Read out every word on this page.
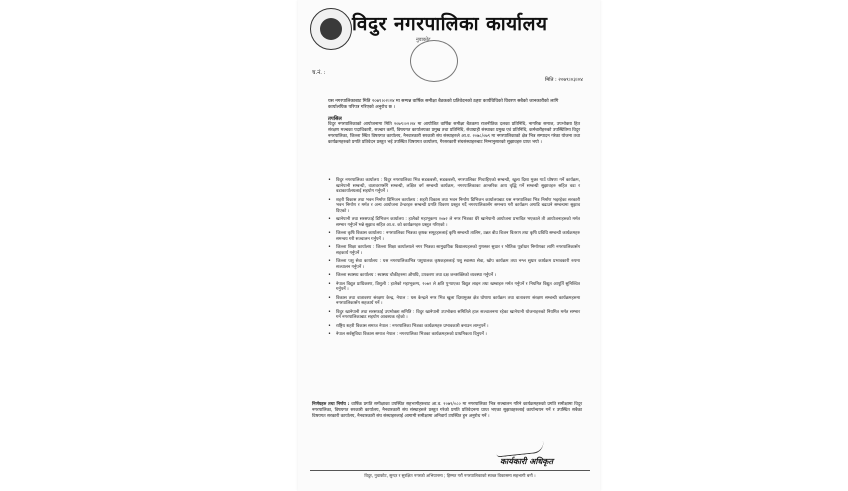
विदुर नगरपालिका कार्यालय
नुवाकोट
च.नं. :
मिति : २०७९।०३।०४
यस नगरपालिकाबाट मिति २०७९।०२।२४ मा सम्पन्न वार्षिक समीक्षा बैठकको प्रतिवेदनको ठहरा कार्यविधिको विवरण सबैको जानकारीको लागि कार्यालयिक परिपत्र गरिएको अनुरोध छ ।
तपसिल
विदुर नगरपालिकाको आयोजनामा मिति २०७९।०२।२४ मा आयोजित वार्षिक समीक्षा बैठकमा राजनीतिक दलका प्रतिनिधि, नागरिक समाज, उपभोक्ता हित संरक्षण मञ्चका पदाधिकारी, सञ्चार कर्मी, विषयगत कार्यालयका प्रमुख तथा प्रतिनिधि, सेवाग्राही संस्थाका प्रमुख एवं प्रतिनिधि, कर्मचारीहरुको उपस्थितिमा विदुर नगरपालिका, जिल्ला स्थित विषयगत कार्यालय, नैनवारकारी सरकारी संघ संस्थाहरुले आ.व. २०७८/०७९ मा नगरपालिकाको क्षेत्र भित्र सम्पादन गरेका योजना तथा कार्यक्रमहरुको प्रगति प्रतिवेदन प्रस्तुत भई उपस्थित विषयगत कार्यालय, गैरसरकारी संघसंस्थाहरुबाट निम्नानुसारको सुझावहरु प्राप्त भयो ।
• विदुर नगरपालिका कार्यालय : विदुर नगरपालिका भित्र सडकबत्ती, सडकबत्ती, नगरपालिका मिचाहिएको सम्बन्धी, खुला दिशा मुक्त गाउँ घोषणा गर्ने कार्यक्रम, खानेपानी सम्बन्धी, वातावरणसँगै सम्बन्धी, लक्षित वर्ग सम्बन्धी कार्यक्रम, नगरपालिकाका आन्तरिक आय वृद्धि गर्ने सम्बन्धी सुझावहरु सहित वडा र वडाकार्यालयलाई सहयोग गर्नुपर्ने ।
• शहरी विकास तथा भवन निर्माण डिभिजन कार्यालय : शहरी विकास तथा भवन निर्माण डिभिजन कार्यालयबाट यस नगरपालिका भित्र निर्माण भइरहेका सरकारी भवन निर्माण र मर्मत र अन्य आयोजना टेन्डरहरु सम्बन्धी प्रगति विवरण प्रस्तुत गर्दै नगरपालिकासँग समन्वय गरी कार्यक्रम अगाडि बढाउने सम्बन्धमा सुझाव दिएको ।
• खानेपानी तथा सरसफाई डिभिजन कार्यालय : हालैको महाभूकम्प २०७२ ले नगर भित्रका धेरै खानेपानी आयोजना प्रभावित भएकाले ती आयोजनाहरुको मर्मत सम्भार गर्नुपर्ने भन्ने सुझाव सहित आ.व. को कार्यक्रमहरु प्रस्तुत गरिएको ।
• जिल्ला कृषि विकास कार्यालय : नगरपालिका भित्रका कृषक समूहहरुलाई कृषि सम्बन्धी तालिम, उन्नत बीउ बिजन वितरण तथा कृषि प्रविधि सम्बन्धी कार्यक्रमहरु समन्वय गरी सञ्चालन गर्नुपर्ने ।
• जिल्ला शिक्षा कार्यालय : जिल्ला शिक्षा कार्यालयले नगर भित्रका सामुदायिक विद्यालयहरुको गुणस्तर सुधार र भौतिक पूर्वाधार निर्माणका लागि नगरपालिकासँग सहकार्य गर्नुपर्ने ।
• जिल्ला पशु सेवा कार्यालय : यस नगरपालिकाभित्र पशुपालक कृषकहरुलाई पशु स्वास्थ्य सेवा, खोप कार्यक्रम तथा नश्ल सुधार कार्यक्रम प्रभावकारी रुपमा सञ्चालन गर्नुपर्ने ।
• जिल्ला स्वास्थ्य कार्यालय : स्वास्थ्य चौकीहरुमा औषधि, उपकरण तथा दक्ष जनशक्तिको व्यवस्था गर्नुपर्ने ।
• नेपाल विद्युत प्राधिकरण, त्रिशुली : हालैको महाभूकम्प, २०७२ ले क्षति पुऱ्याएका विद्युत लाइन तथा खम्बाहरु मर्मत गर्नुपर्ने र नियमित विद्युत आपूर्ति सुनिश्चित गर्नुपर्ने ।
• विकास तथा वातावरण संरक्षण केन्द्र, नेपाल : यस केन्द्रले नगर भित्र खुला दिशामुक्त क्षेत्र घोषणा कार्यक्रम तथा वातावरण संरक्षण सम्बन्धी कार्यक्रमहरुमा नगरपालिकासँग सहकार्य गर्ने ।
• विदुर खानेपानी तथा सरसफाई उपभोक्ता समिति : विदुर खानेपानी उपभोक्ता समितिले हाल सञ्चालनमा रहेका खानेपानी योजनाहरुको नियमित मर्मत सम्भार गर्न नगरपालिकाबाट सहयोग आवश्यक रहेको ।
• राष्ट्रिय शहरी विकास समाज नेपाल : नगरपालिका भित्रका कार्यक्रमहरु प्रभावकारी बनाउन लाग्नुपर्ने ।
• नेपाल सर्वसुविधा विकास समाज नेपाल : नगरपालिका भित्रका कार्यक्रमहरुको प्राथमिकता दिनुपर्ने ।
निर्णयहरु तथा निर्णय : वार्षिक प्रगति समीक्षाका उपस्थित सहभागीहरुबाट आ.व. २०७९/०८० मा नगरपालिका भित्र सञ्चालन गरिने कार्यक्रमहरुको प्रगति समीक्षामा विदुर नगरपालिका, विषयगत सरकारी कार्यालय, नैनवारकारी संघ संस्थाहरुले प्रस्तुत गरेको प्रगति प्रतिवेदनमा प्राप्त भएका सुझावहरुलाई कार्यान्वयन गर्ने र उपस्थित सबैका विषयगत सरकारी कार्यालय, नैनवारकारी संघ संस्थाहरुलाई आगामी समीक्षामा अनिवार्य उपस्थित हुन अनुरोध गर्ने ।
कार्यकारी अधिकृत
विदुर, नुवाकोट, सुन्दर र सुरक्षित नगरको अभियानमा ; हिम्मत गरौं नगरपालिकाको स्वच्छ विकासमा सहभागी बनौं ।
